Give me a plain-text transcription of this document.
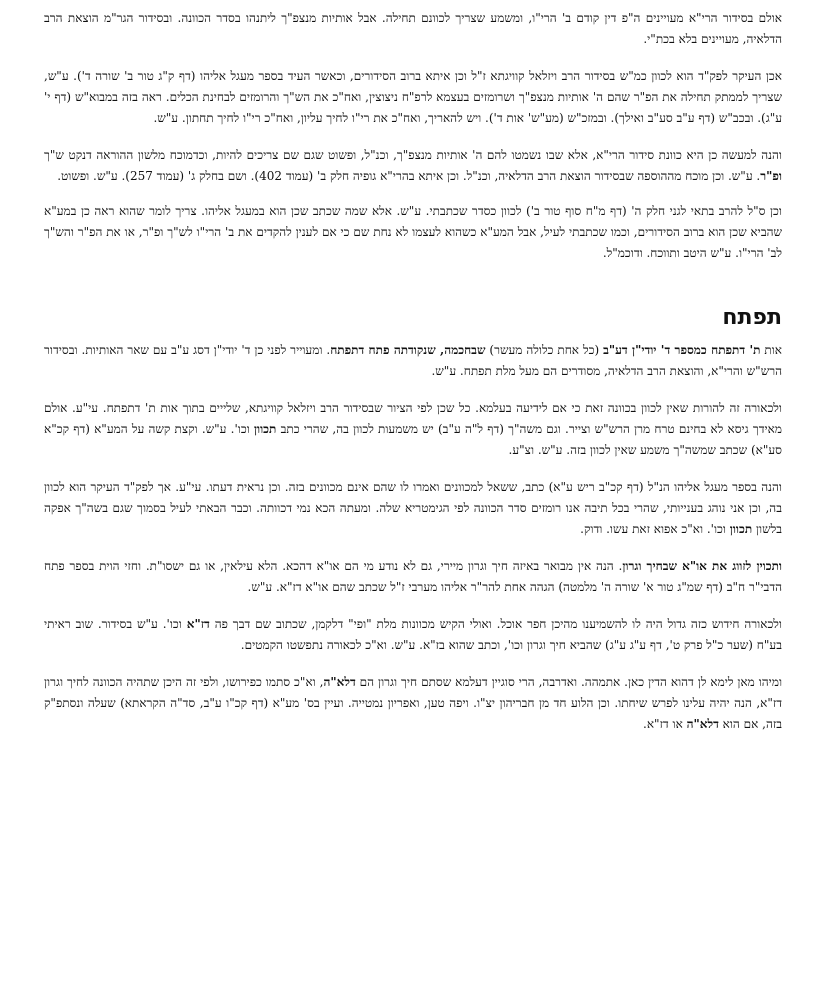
אולם בסידור הרי"א מעויינים ה"פ דין קודם ב' הרי"ו, ומשמע שצריך לכוונם תחילה. אבל אותיות מנצפ"ך ליתנהו בסדר הכוונה. ובסידור הגר"מ הוצאת הרב הדלאיה, מעויינים בלא בכת"י.

אכן העיקר לפק"ד הוא לכוון כמ"ש בסידור הרב ויזלאל קוויגתא ז"ל וכן איתא ברוב הסידורים, וכאשר העיד בספר מעגל אליהו (דף ק"ג טור ב' שורה ד'). ע"ש, שצריך לממתק תחילה את הפ"ר שהם ה' אותיות מנצפ"ך ושרומזים בעצמא לרפ"ח ניצוצין, ואח"כ את הש"ך והרומזים לבחינת הכלים. ראה בזה במבוא"ש (דף י' ע"ג). ובכב"ש (דף ע"ב סע"ב ואילך). ובמזכ"ש (מע"ש' אות ד'). ויש להאריך, ואח"כ את רי"ו לחיך עליון, ואח"כ רי"ו לחיך תחתון. ע"ש.

והנה למעשה כן היא כוונת סידור הרי"א, אלא שבו נשמטו להם ה' אותיות מנצפ"ך, וכנ"ל, ופשוט שגם שם צריכים להיות, וכדמוכח מלשון ההוראה דנקט ש"ך ופ"ר. ע"ש. וכן מוכח מההוספה שבסידור הוצאת הרב הדלאיה, וכנ"ל. וכן איתא בהרי"א גופיה חלק ב' (עמוד 402). ושם בחלק ג' (עמוד 257). ע"ש. ופשוט.

וכן ס"ל להרב בתאי לגני חלק ה' (דף מ"ח סוף טור ב') לכוון כסדר שכתבתי. ע"ש. אלא שמה שכתב שכן הוא במעגל אליהו. צריך לומר שהוא ראה כן במע"א שהביא שכן הוא ברוב הסידורים, וכמו שכתבתי לעיל, אבל המע"א כשהוא לעצמו לא נחת שם כי אם לענין להקדים את ב' הרי"ו לש"ך ופ"ר, או את הפ"ר והש"ך לב' הרי"ו. ע"ש היטב ותווכח. ודוכמ"ל.

תפתח

אות ת' דתפתח כמספר ד' יודי"ן דע"ב (כל אחת כלולה מעשר) שבחכמה, שנקודתה פתח דתפתח. ומעוייר לפני כן ד' יודי"ן דסג ע"ב עם שאר האותיות. ובסידור הרש"ש והרי"א, והוצאת הרב הדלאיה, מסודרים הם מעל מלת תפתח. ע"ש.

ולכאורה זה להורות שאין לכוון בכוונה זאת כי אם לידיעה בעלמא. כל שכן לפי הציור שבסידור הרב ויזלאל קוויגתא, שלייים בתוך אות ת' דתפתח. עי"ע. אולם מאידך גיסא לא בחינם טרח מרן הרש"ש וצייר. וגם משה"ך (דף ל"ה ע"ב) יש משמעות לכוון בה, שהרי כתב תכוון וכו'. ע"ש. וקצת קשה על המע"א (דף קכ"א סע"א) שכתב שמשה"ך משמע שאין לכוון בזה. ע"ש. וצ"ע.

והנה בספר מעגל אליהו הנ"ל (דף קכ"ב ריש ע"א) כתב, ששאל למכוונים ואמרו לו שהם אינם מכוונים בזה. וכן נראית דעתו. עי"ע. אך לפק"ד העיקר הוא לכוון בה, וכן אני נוהג בענייותי, שהרי בכל תיבה אנו רומזים סדר הכוונה לפי הגימטריא שלה. ומעתה הכא נמי דכוותה. וכבר הבאתי לעיל בסמוך שגם בשה"ך אפקה בלשון תכוון וכו'. וא"כ אפוא זאת עשו. ודוק.

ותכוין לזווג את או"א שבחיך וגרון. הנה אין מבואר באיזה חיך וגרון מיירי, גם לא נודע מי הם או"א דהכא. הלא עילאין, או גם ישסו"ת. וחזי הוית בספר פתח הדבי"ר ח"ב (דף שמ"ג טור א' שורה ה' מלמטה) הגהה אחת להר"ר אליהו מערבי ז"ל שכתב שהם או"א דז"א. ע"ש.

ולכאורה חידוש כזה גדול היה לו להשמיענו מהיכן חפר אוכל. ואולי הקיש מכוונות מלת "ופי" דלקמן, שכתוב שם דבך פה דז"א וכו'. ע"ש בסידור. שוב ראיתי בע"ח (שער כ"ל פרק ט', דף ע"ג ע"ג) שהביא חיך וגרון וכו', וכתב שהוא בז"א. ע"ש. וא"כ לכאורה נתפשטו הקמטים.

ומיהו מאן לימא לן דהוא הדין כאן. אתמהה. ואדרבה, הרי סוגיין דעלמא שסתם חיך וגרון הם דלא"ה, וא"כ סתמו כפירושו, ולפי זה היכן שתהיה הכוונה לחיך וגרון דז"א, הנה יהיה עלינו לפרש שיחתו. וכן הלוע חד מן חבריהון יצ"ו. ויפה טען, ואפריון נמטייה. ועיין בס' מע"א (דף קכ"ו ע"ב, סד"ה הקראתא) שעלה ונסתפ"ק בזה, אם הוא דלא"ה או דז"א.
